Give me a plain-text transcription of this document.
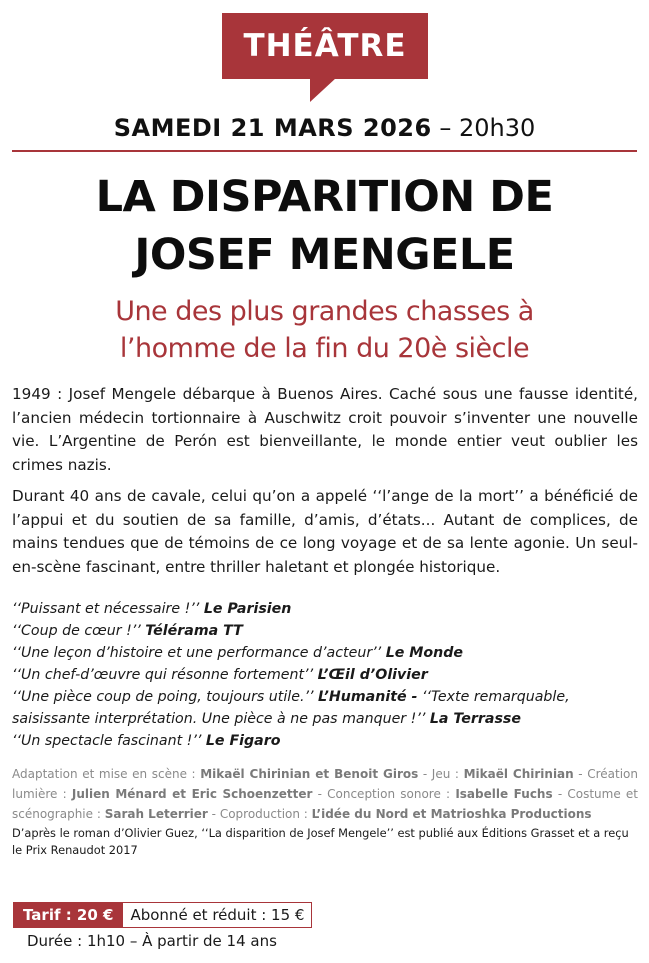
THÉÂTRE
SAMEDI 21 MARS 2026 – 20h30
LA DISPARITION DE
JOSEF MENGELE
Une des plus grandes chasses à
l’homme de la fin du 20è siècle

1949 : Josef Mengele débarque à Buenos Aires. Caché sous une fausse identité, l’ancien médecin tortionnaire à Auschwitz croit pouvoir s’inventer une nouvelle vie. L’Argentine de Perón est bienveillante, le monde entier veut oublier les crimes nazis.

Durant 40 ans de cavale, celui qu’on a appelé ‘‘l’ange de la mort’’ a bénéficié de l’appui et du soutien de sa famille, d’amis, d’états... Autant de complices, de mains tendues que de témoins de ce long voyage et de sa lente agonie. Un seul-en-scène fascinant, entre thriller haletant et plongée historique.

‘‘Puissant et nécessaire !’’ Le Parisien
‘‘Coup de cœur !’’ Télérama TT
‘‘Une leçon d’histoire et une performance d’acteur’’ Le Monde
‘‘Un chef-d’œuvre qui résonne fortement’’ L’Œil d’Olivier
‘‘Une pièce coup de poing, toujours utile.’’ L’Humanité - ‘‘Texte remarquable,
saisissante interprétation. Une pièce à ne pas manquer !’’ La Terrasse
‘‘Un spectacle fascinant !’’ Le Figaro
Adaptation et mise en scène : Mikaël Chirinian et Benoit Giros - Jeu : Mikaël Chirinian - Création lumière : Julien Ménard et Eric Schoenzetter - Conception sonore : Isabelle Fuchs - Costume et scénographie : Sarah Leterrier - Coproduction : L’idée du Nord et Matrioshka Productions
D’après le roman d’Olivier Guez, ‘‘La disparition de Josef Mengele’’ est publié aux Éditions Grasset et a reçu le Prix Renaudot 2017
Tarif : 20 €	Abonné et réduit : 15 €
Durée : 1h10 – À partir de 14 ans
